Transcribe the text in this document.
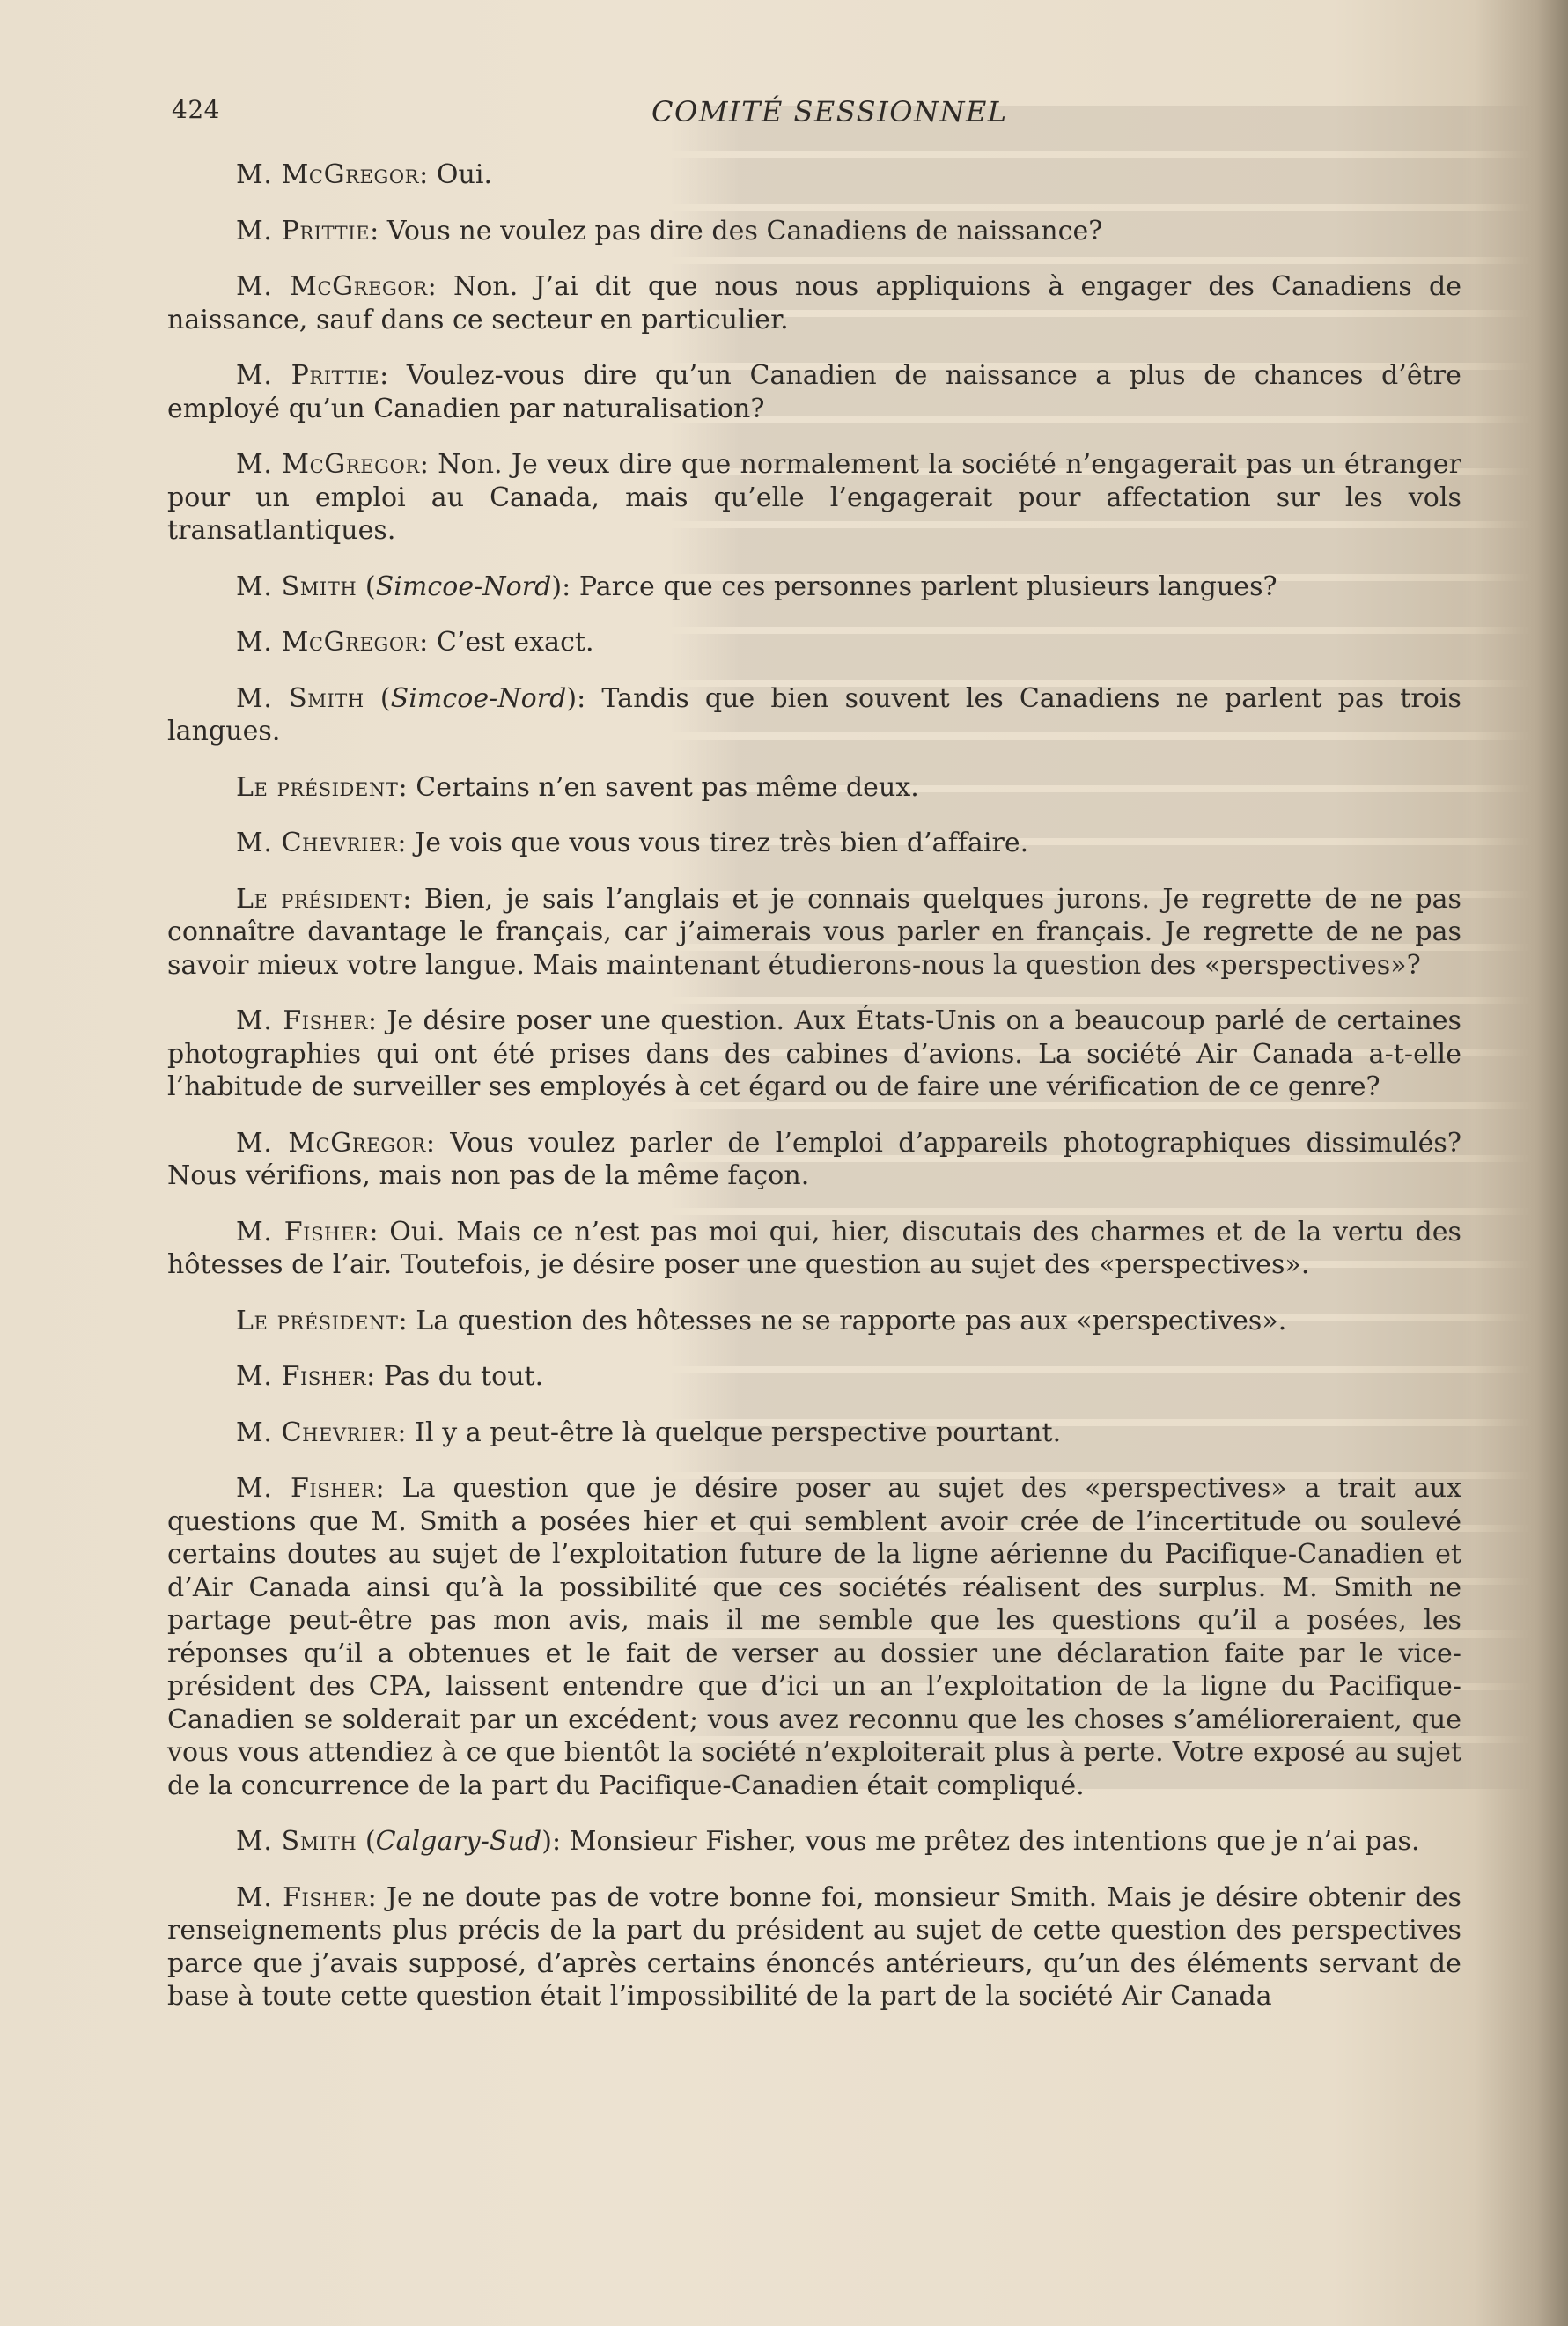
424	COMITÉ SESSIONNEL

M. McGregor: Oui.

M. Prittie: Vous ne voulez pas dire des Canadiens de naissance?

M. McGregor: Non. J’ai dit que nous nous appliquions à engager des Canadiens de naissance, sauf dans ce secteur en particulier.

M. Prittie: Voulez-vous dire qu’un Canadien de naissance a plus de chances d’être employé qu’un Canadien par naturalisation?

M. McGregor: Non. Je veux dire que normalement la société n’engagerait pas un étranger pour un emploi au Canada, mais qu’elle l’engagerait pour affectation sur les vols transatlantiques.

M. Smith (Simcoe-Nord): Parce que ces personnes parlent plusieurs langues?

M. McGregor: C’est exact.

M. Smith (Simcoe-Nord): Tandis que bien souvent les Canadiens ne parlent pas trois langues.

Le président: Certains n’en savent pas même deux.

M. Chevrier: Je vois que vous vous tirez très bien d’affaire.

Le président: Bien, je sais l’anglais et je connais quelques jurons. Je regrette de ne pas connaître davantage le français, car j’aimerais vous parler en français. Je regrette de ne pas savoir mieux votre langue. Mais maintenant étudierons-nous la question des «perspectives»?

M. Fisher: Je désire poser une question. Aux États-Unis on a beaucoup parlé de certaines photographies qui ont été prises dans des cabines d’avions. La société Air Canada a-t-elle l’habitude de surveiller ses employés à cet égard ou de faire une vérification de ce genre?

M. McGregor: Vous voulez parler de l’emploi d’appareils photographiques dissimulés? Nous vérifions, mais non pas de la même façon.

M. Fisher: Oui. Mais ce n’est pas moi qui, hier, discutais des charmes et de la vertu des hôtesses de l’air. Toutefois, je désire poser une question au sujet des «perspectives».

Le président: La question des hôtesses ne se rapporte pas aux «perspectives».

M. Fisher: Pas du tout.

M. Chevrier: Il y a peut-être là quelque perspective pourtant.

M. Fisher: La question que je désire poser au sujet des «perspectives» a trait aux questions que M. Smith a posées hier et qui semblent avoir crée de l’incertitude ou soulevé certains doutes au sujet de l’exploitation future de la ligne aérienne du Pacifique-Canadien et d’Air Canada ainsi qu’à la possibilité que ces sociétés réalisent des surplus. M. Smith ne partage peut-être pas mon avis, mais il me semble que les questions qu’il a posées, les réponses qu’il a obtenues et le fait de verser au dossier une déclaration faite par le vice-président des CPA, laissent entendre que d’ici un an l’exploitation de la ligne du Pacifique-Canadien se solderait par un excédent; vous avez reconnu que les choses s’amélioreraient, que vous vous attendiez à ce que bientôt la société n’exploiterait plus à perte. Votre exposé au sujet de la concurrence de la part du Pacifique-Canadien était compliqué.

M. Smith (Calgary-Sud): Monsieur Fisher, vous me prêtez des intentions que je n’ai pas.

M. Fisher: Je ne doute pas de votre bonne foi, monsieur Smith. Mais je désire obtenir des renseignements plus précis de la part du président au sujet de cette question des perspectives parce que j’avais supposé, d’après certains énoncés antérieurs, qu’un des éléments servant de base à toute cette question était l’impossibilité de la part de la société Air Canada
